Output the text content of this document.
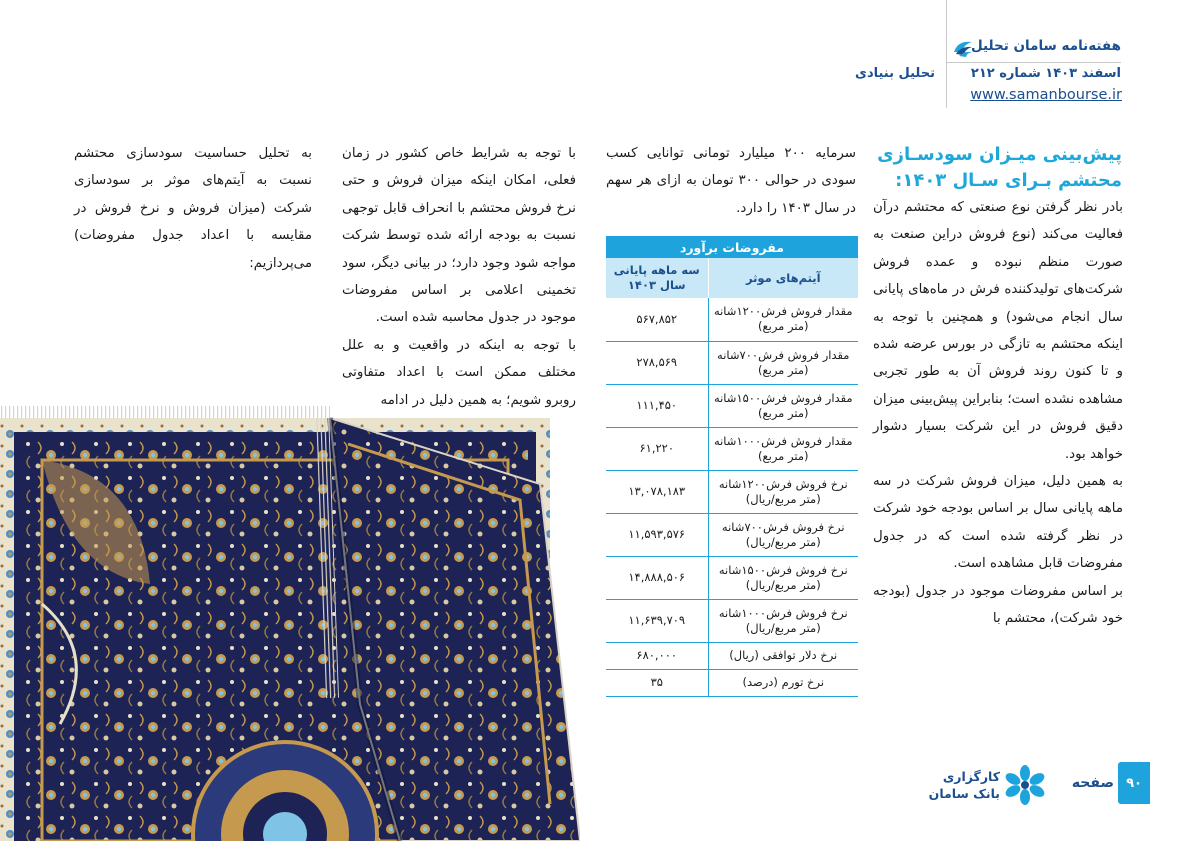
هفته‌نامه سامان تحلیل
اسفند ۱۴۰۳ شماره ۲۱۲
تحلیل بنیادی
www.samanbourse.ir
پیش‌بینی میـزان سودسـازی محتشم بـرای سـال ۱۴۰۳:

بادر نظر گرفتن نوع صنعتی که محتشم درآن فعالیت می‌کند (نوع فروش دراین صنعت به صورت منظم نبوده و عمده فروش شرکت‌های تولیدکننده فرش در ماه‌های پایانی سال انجام می‌شود) و همچنین با توجه به اینکه محتشم به تازگی در بورس عرضه شده و تا کنون روند فروش آن به طور تجربی مشاهده نشده است؛ بنابراین پیش‌بینی میزان دقیق فروش در این شرکت بسیار دشوار خواهد بود.

به همین دلیل، میزان فروش شرکت در سه ماهه پایانی سال بر اساس بودجه خود شرکت در نظر گرفته شده است که در جدول مفروضات قابل مشاهده است.

بر اساس مفروضات موجود در جدول (بودجه خود شرکت)، محتشم با

سرمایه ۲۰۰ میلیارد تومانی توانایی کسب سودی در حوالی ۳۰۰ تومان به ازای هر سهم در سال ۱۴۰۳ را دارد.

با توجه به شرایط خاص کشور در زمان فعلی، امکان اینکه میزان فروش و حتی نرخ فروش محتشم با انحراف قابل توجهی نسبت به بودجه ارائه شده توسط شرکت مواجه شود وجود دارد؛ در بیانی دیگر، سود تخمینی اعلامی بر اساس مفروضات موجود در جدول محاسبه شده است.

با توجه به اینکه در واقعیت و به علل مختلف ممکن است با اعداد متفاوتی روبرو شویم؛ به همین دلیل در ادامه

به تحلیل حساسیت سودسازی محتشم نسبت به آیتم‌های موثر بر سودسازی شرکت (میزان فروش و نرخ فروش در مقایسه با اعداد جدول مفروضات) می‌پردازیم:

مفروضات برآورد	
آیتم‌های موثر	سه ماهه پایانی سال ۱۴۰۳
مقدار فروش فرش۱۲۰۰شانه (متر مربع)	۵۶۷,۸۵۲
مقدار فروش فرش۷۰۰شانه (متر مربع)	۲۷۸,۵۶۹
مقدار فروش فرش۱۵۰۰شانه (متر مربع)	۱۱۱,۴۵۰
مقدار فروش فرش۱۰۰۰شانه (متر مربع)	۶۱,۲۲۰
نرخ فروش فرش۱۲۰۰شانه (متر مربع/ریال)	۱۳,۰۷۸,۱۸۳
نرخ فروش فرش۷۰۰شانه (متر مربع/ریال)	۱۱,۵۹۳,۵۷۶
نرخ فروش فرش۱۵۰۰شانه (متر مربع/ریال)	۱۴,۸۸۸,۵۰۶
نرخ فروش فرش۱۰۰۰شانه (متر مربع/ریال)	۱۱,۶۳۹,۷۰۹
نرخ دلار توافقی (ریال)	۶۸۰,۰۰۰
نرخ تورم (درصد)	۳۵
کارگزاری
بانک سامان
صفحه ۹۰
